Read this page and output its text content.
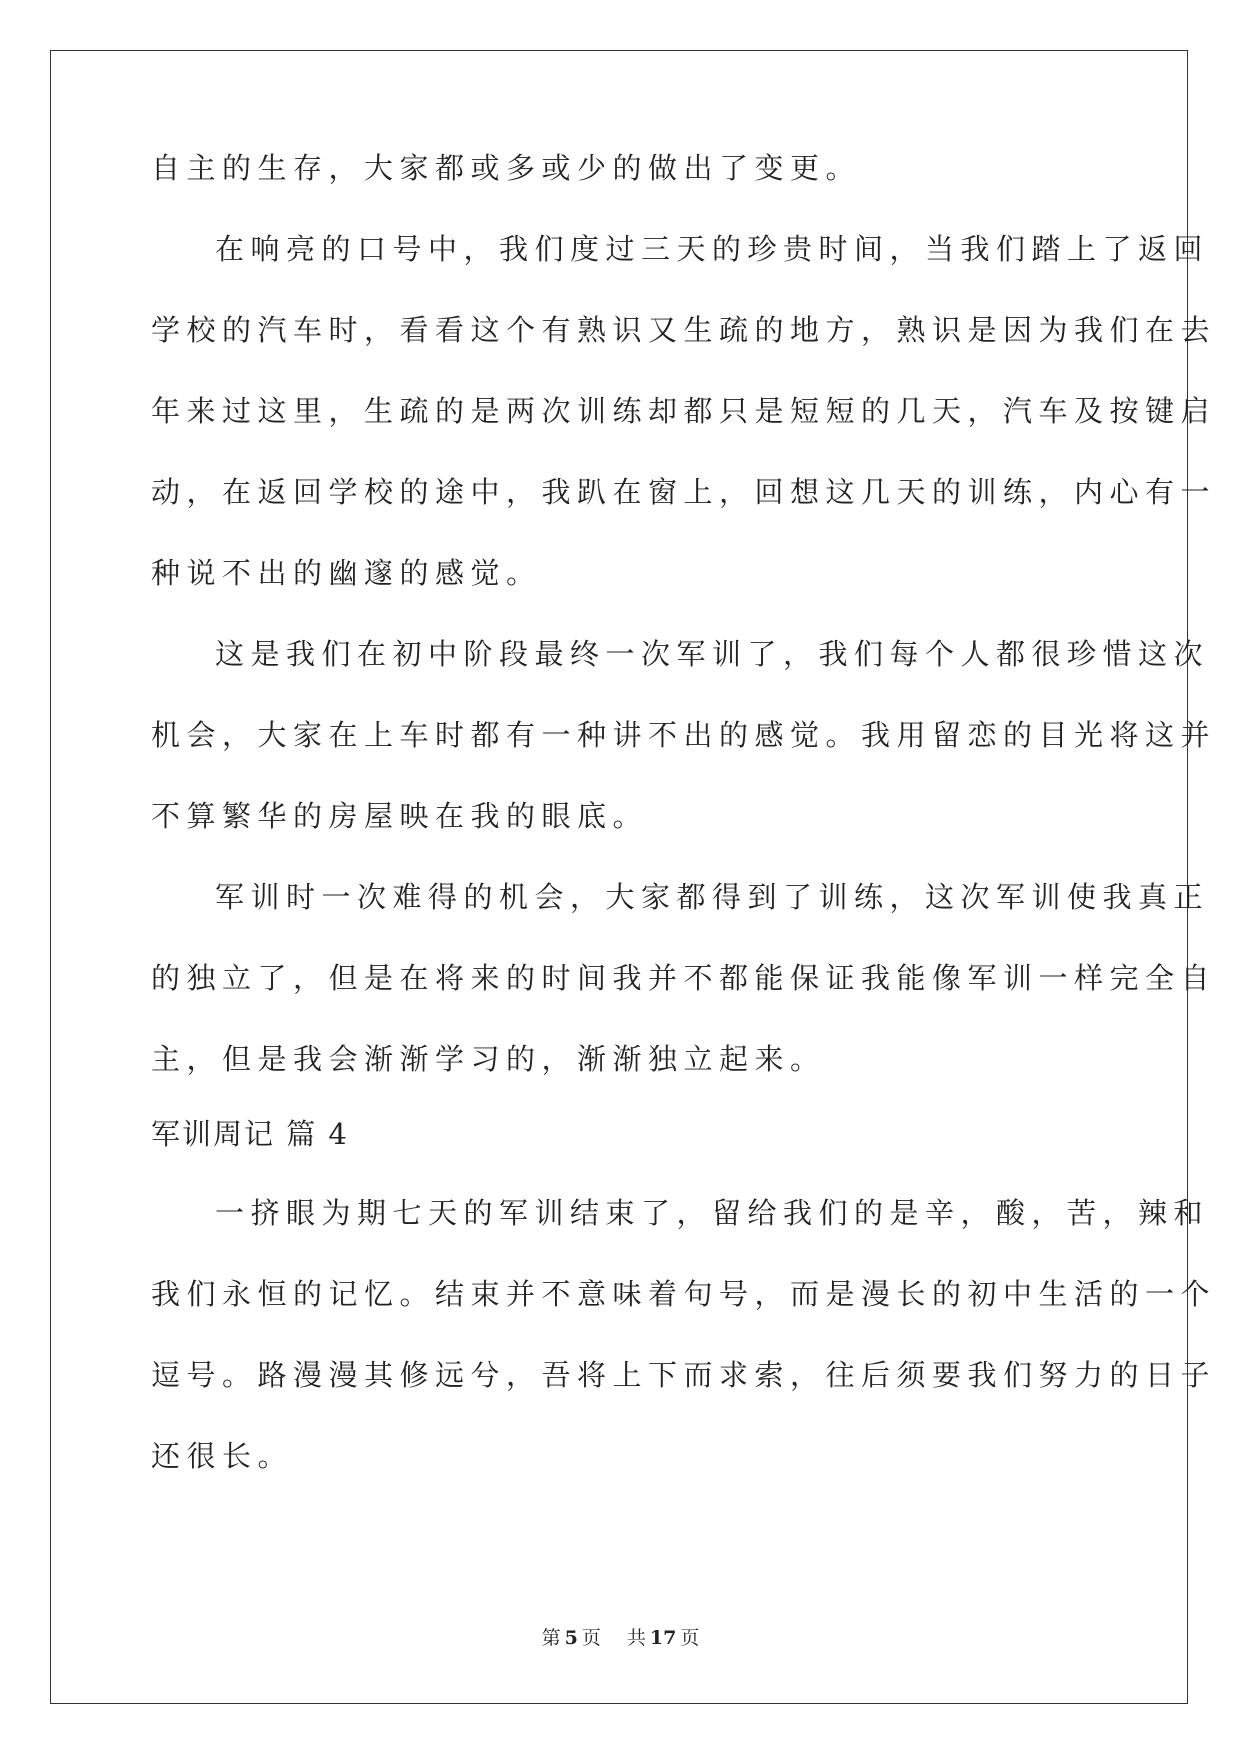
自主的生存，大家都或多或少的做出了变更。
在响亮的口号中，我们度过三天的珍贵时间，当我们踏上了返回
学校的汽车时，看看这个有熟识又生疏的地方，熟识是因为我们在去
年来过这里，生疏的是两次训练却都只是短短的几天，汽车及按键启
动，在返回学校的途中，我趴在窗上，回想这几天的训练，内心有一
种说不出的幽邃的感觉。
这是我们在初中阶段最终一次军训了，我们每个人都很珍惜这次
机会，大家在上车时都有一种讲不出的感觉。我用留恋的目光将这并
不算繁华的房屋映在我的眼底。
军训时一次难得的机会，大家都得到了训练，这次军训使我真正
的独立了，但是在将来的时间我并不都能保证我能像军训一样完全自
主，但是我会渐渐学习的，渐渐独立起来。
军训周记 篇 4
一挤眼为期七天的军训结束了，留给我们的是辛，酸，苦，辣和
我们永恒的记忆。结束并不意味着句号，而是漫长的初中生活的一个
逗号。路漫漫其修远兮，吾将上下而求索，往后须要我们努力的日子
还很长。
第 5 页 共 17 页
